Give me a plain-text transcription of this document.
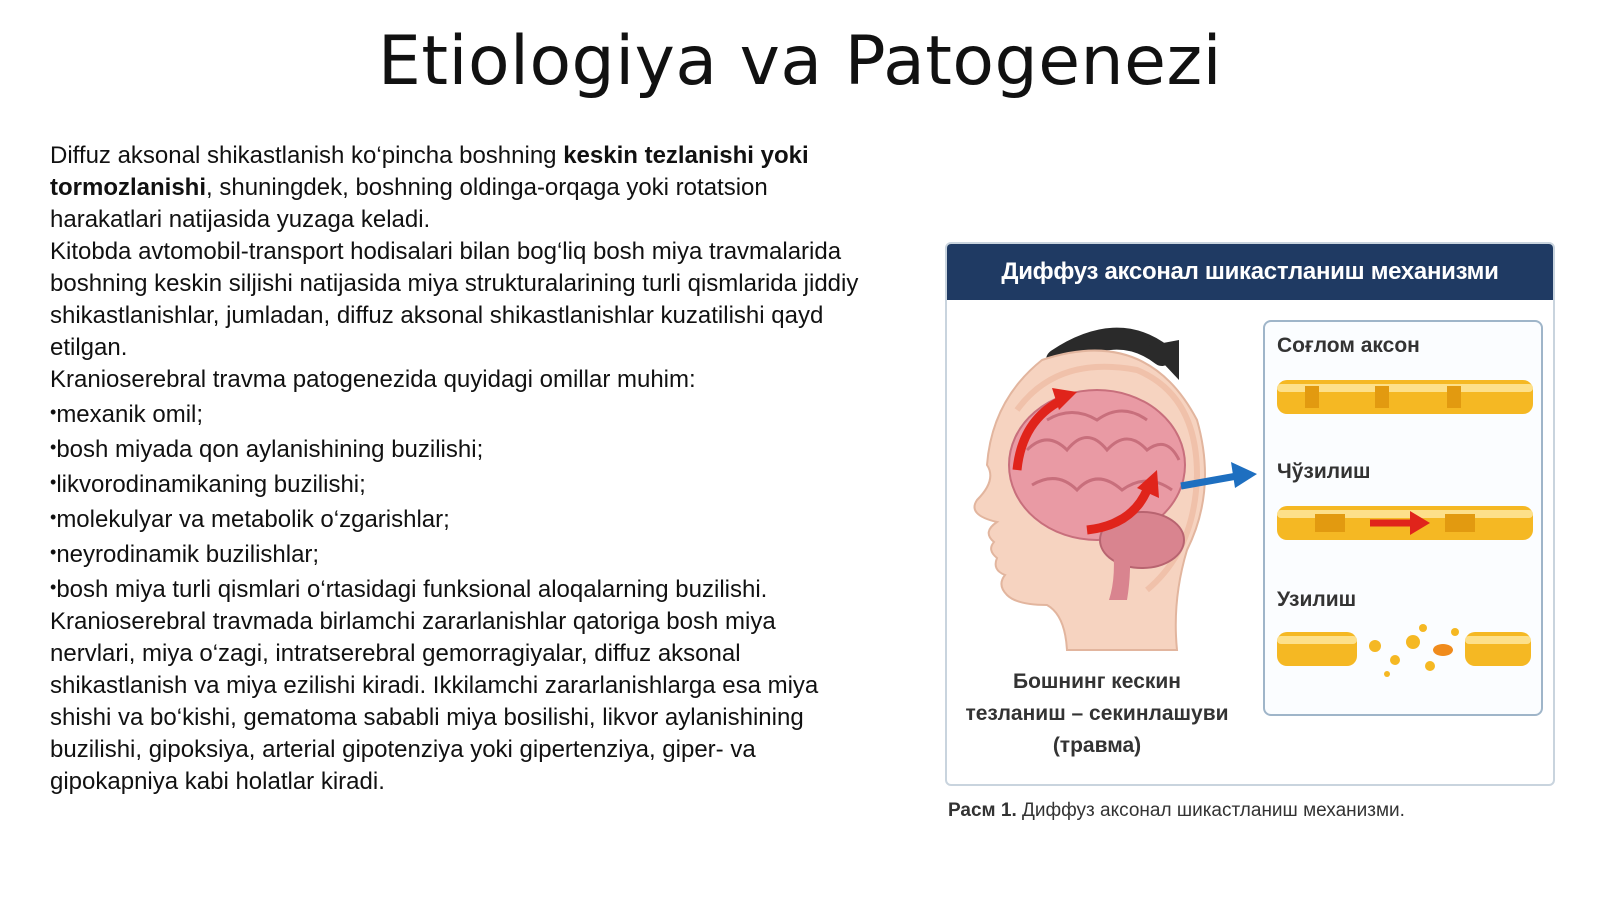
Etiologiya va Patogenezi

Diffuz aksonal shikastlanish ko‘pincha boshning keskin tezlanishi yoki tormozlanishi, shuningdek, boshning oldinga-orqaga yoki rotatsion harakatlari natijasida yuzaga keladi.

Kitobda avtomobil-transport hodisalari bilan bog‘liq bosh miya travmalarida boshning keskin siljishi natijasida miya strukturalarining turli qismlarida jiddiy shikastlanishlar, jumladan, diffuz aksonal shikastlanishlar kuzatilishi qayd etilgan.

Kranioserebral travma patogenezida quyidagi omillar muhim:

• mexanik omil;

• bosh miyada qon aylanishining buzilishi;

• likvorodinamikaning buzilishi;

• molekulyar va metabolik o‘zgarishlar;

• neyrodinamik buzilishlar;

• bosh miya turli qismlari o‘rtasidagi funksional aloqalarning buzilishi.

Kranioserebral travmada birlamchi zararlanishlar qatoriga bosh miya nervlari, miya o‘zagi, intratserebral gemorragiyalar, diffuz aksonal shikastlanish va miya ezilishi kiradi. Ikkilamchi zararlanishlarga esa miya shishi va bo‘kishi, gematoma sababli miya bosilishi, likvor aylanishining buzilishi, gipoksiya, arterial gipotenziya yoki gipertenziya, giper- va gipokapniya kabi holatlar kiradi.

Диффуз аксонал шикастланиш механизми
Бошнинг кескин
тезланиш – секинлашуви
(травма)
Соғлом аксон
Чўзилиш
Узилиш
Расм 1. Диффуз аксонал шикастланиш механизми.
